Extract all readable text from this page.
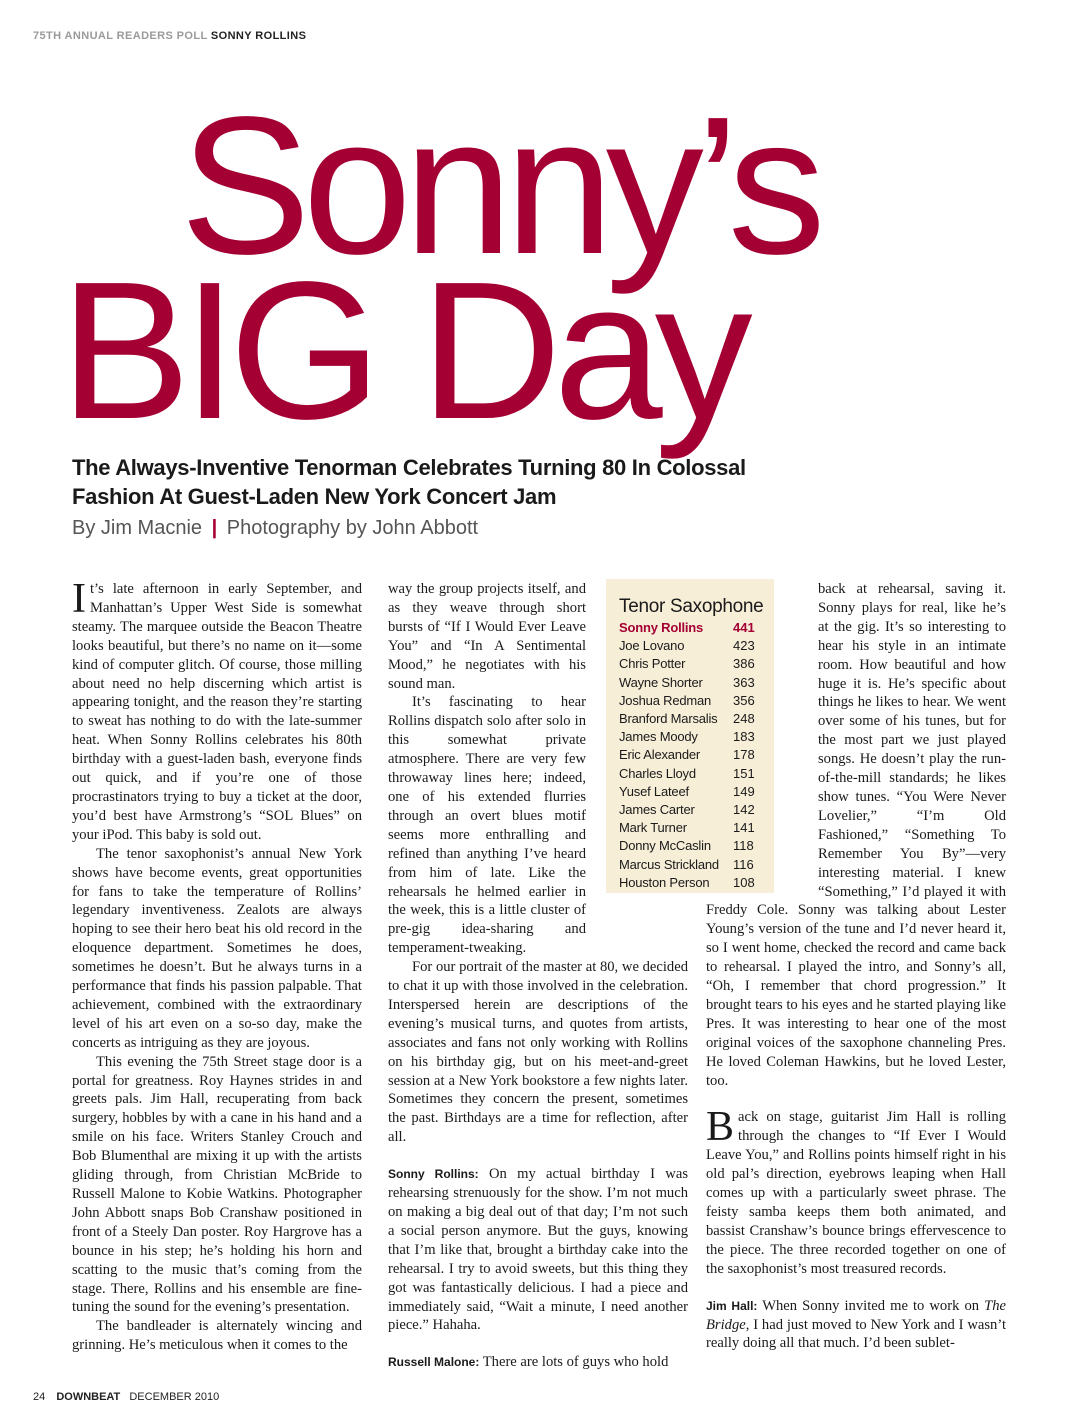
75TH ANNUAL READERS POLL SONNY ROLLINS
Sonny’s
BIG Day
The Always-Inventive Tenorman Celebrates Turning 80 In Colossal Fashion At Guest-Laden New York Concert Jam
By Jim Macnie | Photography by John Abbott

It’s late afternoon in early September, and Manhattan’s Upper West Side is somewhat steamy. The marquee outside the Beacon Theatre looks beautiful, but there’s no name on it—some kind of computer glitch. Of course, those milling about need no help discerning which artist is appearing tonight, and the reason they’re starting to sweat has nothing to do with the late-summer heat. When Sonny Rollins celebrates his 80th birthday with a guest-laden bash, everyone finds out quick, and if you’re one of those procrastinators trying to buy a ticket at the door, you’d best have Armstrong’s “SOL Blues” on your iPod. This baby is sold out.

The tenor saxophonist’s annual New York shows have become events, great opportunities for fans to take the temperature of Rollins’ legendary inventiveness. Zealots are always hoping to see their hero beat his old record in the eloquence department. Sometimes he does, sometimes he doesn’t. But he always turns in a performance that finds his passion palpable. That achievement, combined with the extraordinary level of his art even on a so-so day, make the concerts as intriguing as they are joyous.

This evening the 75th Street stage door is a portal for greatness. Roy Haynes strides in and greets pals. Jim Hall, recuperating from back surgery, hobbles by with a cane in his hand and a smile on his face. Writers Stanley Crouch and Bob Blumenthal are mixing it up with the artists gliding through, from Christian McBride to Russell Malone to Kobie Watkins. Photographer John Abbott snaps Bob Cranshaw positioned in front of a Steely Dan poster. Roy Hargrove has a bounce in his step; he’s holding his horn and scatting to the music that’s coming from the stage. There, Rollins and his ensemble are fine-tuning the sound for the evening’s presentation.

The bandleader is alternately wincing and grinning. He’s meticulous when it comes to the

way the group projects itself, and as they weave through short bursts of “If I Would Ever Leave You” and “In A Sentimental Mood,” he negotiates with his sound man.

It’s fascinating to hear Rollins dispatch solo after solo in this somewhat private atmosphere. There are very few throwaway lines here; indeed, one of his extended flurries through an overt blues motif seems more enthralling and refined than anything I’ve heard from him of late. Like the rehearsals he helmed earlier in the week, this is a little cluster of pre-gig idea-sharing and temperament-tweaking.

For our portrait of the master at 80, we decided to chat it up with those involved in the celebration. Interspersed herein are descriptions of the evening’s musical turns, and quotes from artists, associates and fans not only working with Rollins on his birthday gig, but on his meet-and-greet session at a New York bookstore a few nights later. Sometimes they concern the present, sometimes the past. Birthdays are a time for reflection, after all.

Sonny Rollins: On my actual birthday I was rehearsing strenuously for the show. I’m not much on making a big deal out of that day; I’m not such a social person anymore. But the guys, knowing that I’m like that, brought a birthday cake into the rehearsal. I try to avoid sweets, but this thing they got was fantastically delicious. I had a piece and immediately said, “Wait a minute, I need another piece.” Hahaha.

Russell Malone: There are lots of guys who hold

back at rehearsal, saving it. Sonny plays for real, like he’s at the gig. It’s so interesting to hear his style in an intimate room. How beautiful and how huge it is. He’s specific about things he likes to hear. We went over some of his tunes, but for the most part we just played songs. He doesn’t play the run-of-the-mill standards; he likes show tunes. “You Were Never Lovelier,” “I’m Old Fashioned,” “Something To Remember You By”—very interesting material. I knew “Something,” I’d played it with Freddy Cole. Sonny was talking about Lester Young’s version of the tune and I’d never heard it, so I went home, checked the record and came back to rehearsal. I played the intro, and Sonny’s all, “Oh, I remember that chord progression.” It brought tears to his eyes and he started playing like Pres. It was interesting to hear one of the most original voices of the saxophone channeling Pres. He loved Coleman Hawkins, but he loved Lester, too.

Back on stage, guitarist Jim Hall is rolling through the changes to “If Ever I Would Leave You,” and Rollins points himself right in his old pal’s direction, eyebrows leaping when Hall comes up with a particularly sweet phrase. The feisty samba keeps them both animated, and bassist Cranshaw’s bounce brings effervescence to the piece. The three recorded together on one of the saxophonist’s most treasured records.

Jim Hall: When Sonny invited me to work on The Bridge, I had just moved to New York and I wasn’t really doing all that much. I’d been sublet-

Tenor Saxophone
Sonny Rollins	441
Joe Lovano	423
Chris Potter	386
Wayne Shorter	363
Joshua Redman	356
Branford Marsalis	248
James Moody	183
Eric Alexander	178
Charles Lloyd	151
Yusef Lateef	149
James Carter	142
Mark Turner	141
Donny McCaslin	118
Marcus Strickland	116
Houston Person	108
24 DOWNBEAT DECEMBER 2010
